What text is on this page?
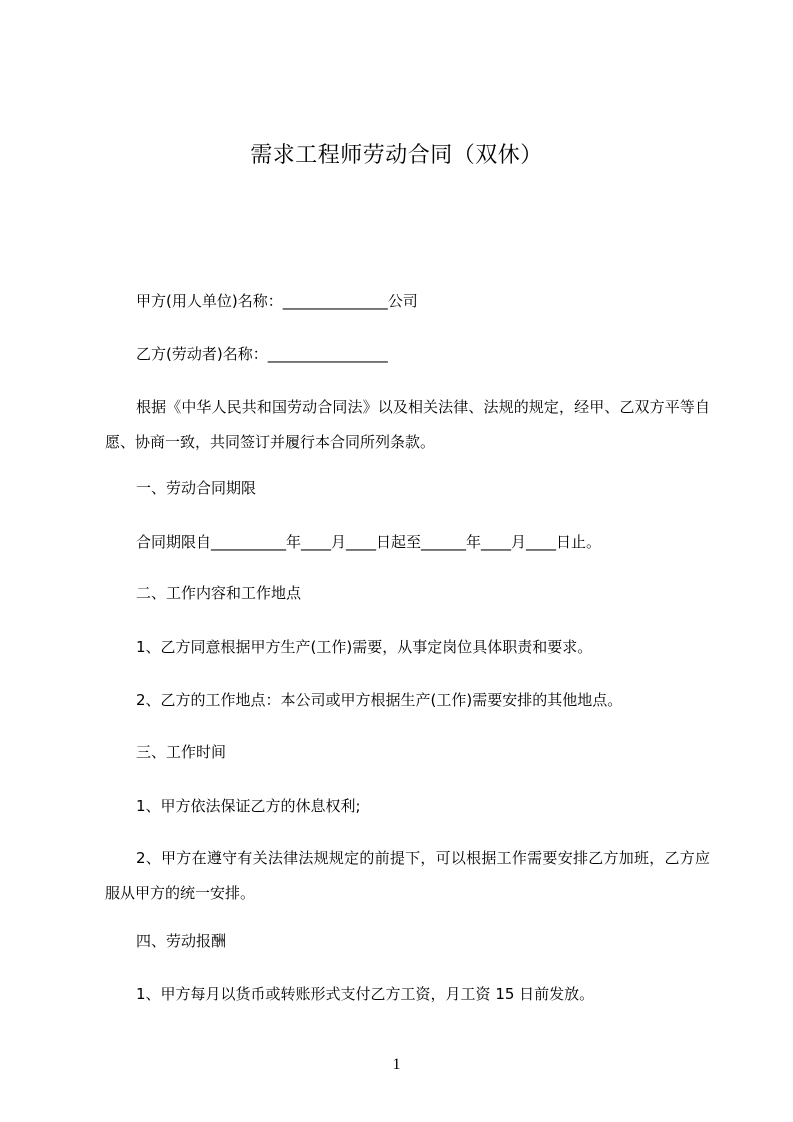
需求工程师劳动合同（双休）
甲方(用人单位)名称：______________公司
乙方(劳动者)名称：________________
根据《中华人民共和国劳动合同法》以及相关法律、法规的规定，经甲、乙双方平等自愿、协商一致，共同签订并履行本合同所列条款。
一、劳动合同期限
合同期限自__________年____月____日起至______年____月____日止。
二、工作内容和工作地点
1、乙方同意根据甲方生产(工作)需要，从事定岗位具体职责和要求。
2、乙方的工作地点：本公司或甲方根据生产(工作)需要安排的其他地点。
三、工作时间
1、甲方依法保证乙方的休息权利;
2、甲方在遵守有关法律法规规定的前提下，可以根据工作需要安排乙方加班，乙方应服从甲方的统一安排。
四、劳动报酬
1、甲方每月以货币或转账形式支付乙方工资，月工资 15 日前发放。
1
